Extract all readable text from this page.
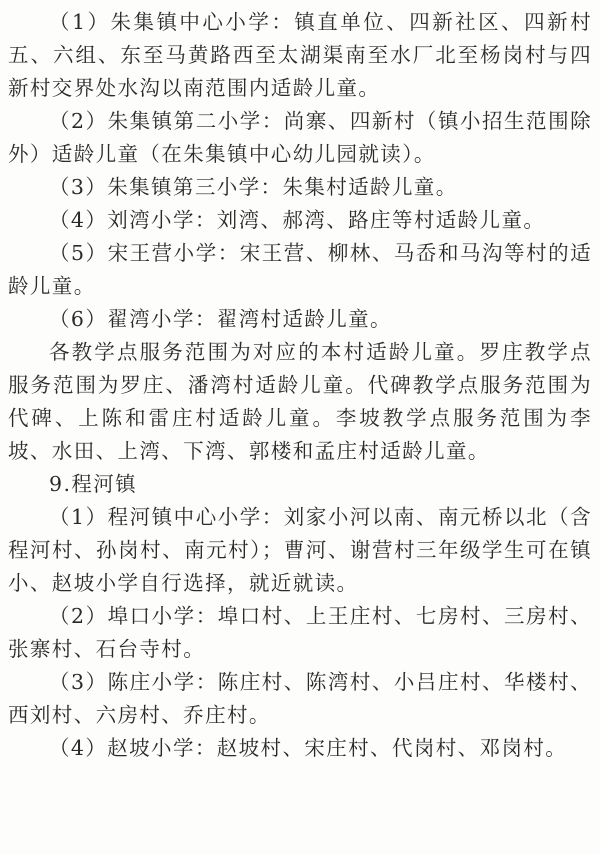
（1）朱集镇中心小学：镇直单位、四新社区、四新村五、六组、东至马黄路西至太湖渠南至水厂北至杨岗村与四新村交界处水沟以南范围内适龄儿童。

（2）朱集镇第二小学：尚寨、四新村（镇小招生范围除外）适龄儿童（在朱集镇中心幼儿园就读）。

（3）朱集镇第三小学：朱集村适龄儿童。

（4）刘湾小学：刘湾、郝湾、路庄等村适龄儿童。

（5）宋王营小学：宋王营、柳林、马岙和马沟等村的适龄儿童。

（6）翟湾小学：翟湾村适龄儿童。

各教学点服务范围为对应的本村适龄儿童。罗庄教学点服务范围为罗庄、潘湾村适龄儿童。代碑教学点服务范围为代碑、上陈和雷庄村适龄儿童。李坡教学点服务范围为李坡、水田、上湾、下湾、郭楼和孟庄村适龄儿童。

9.程河镇

（1）程河镇中心小学：刘家小河以南、南元桥以北（含程河村、孙岗村、南元村）；曹河、谢营村三年级学生可在镇小、赵坡小学自行选择，就近就读。

（2）埠口小学：埠口村、上王庄村、七房村、三房村、张寨村、石台寺村。

（3）陈庄小学：陈庄村、陈湾村、小吕庄村、华楼村、西刘村、六房村、乔庄村。

（4）赵坡小学：赵坡村、宋庄村、代岗村、邓岗村。
